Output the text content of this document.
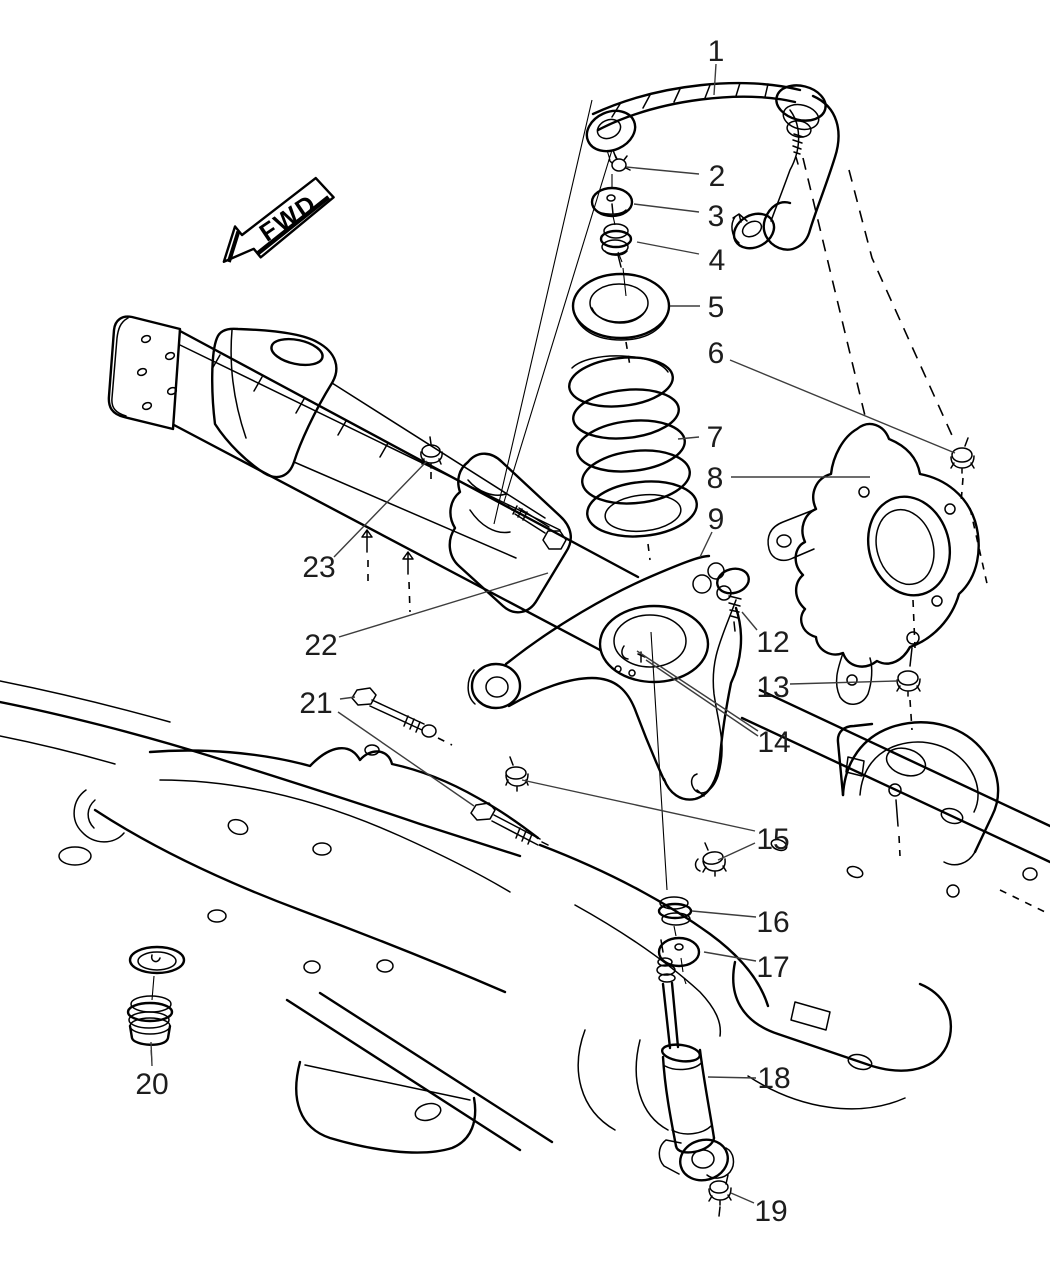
FWD
1
2
3
4
5
6
7
8
9
12
13
14
15
16
17
18
19
20
21
22
23
